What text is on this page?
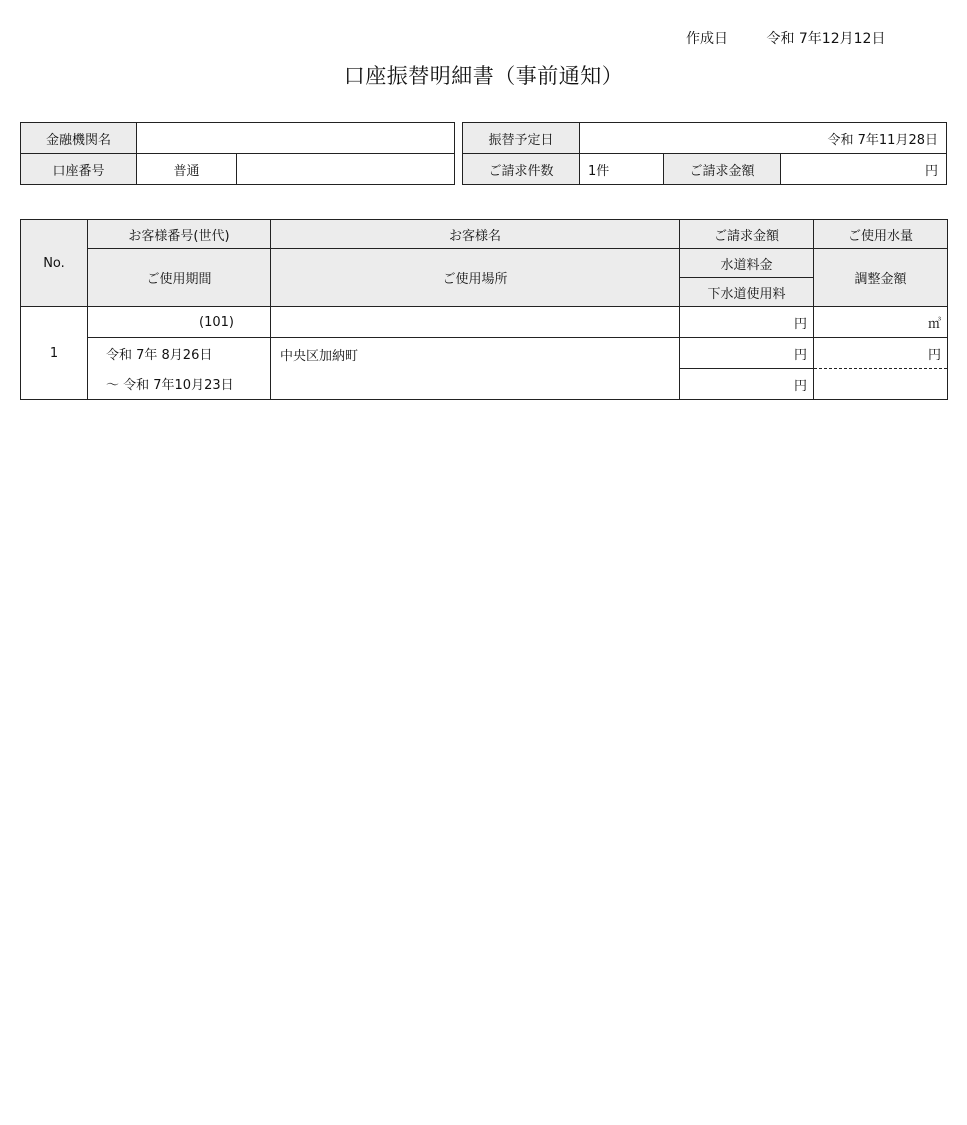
作成日	令和 7年12月12日
口座振替明細書（事前通知）
金融機関名		
口座番号	普通	
振替予定日	令和 7年11月28日		
ご請求件数	1件	ご請求金額	円
No.	お客様番号(世代)	お客様名	ご請求金額	ご使用水量
	ご使用期間	ご使用場所	水道料金	調整金額
			下水道使用料	
1	(101)		円	㎥
	令和 7年 8月26日	中央区加納町	円	円
	～ 令和 7年10月23日		円	
